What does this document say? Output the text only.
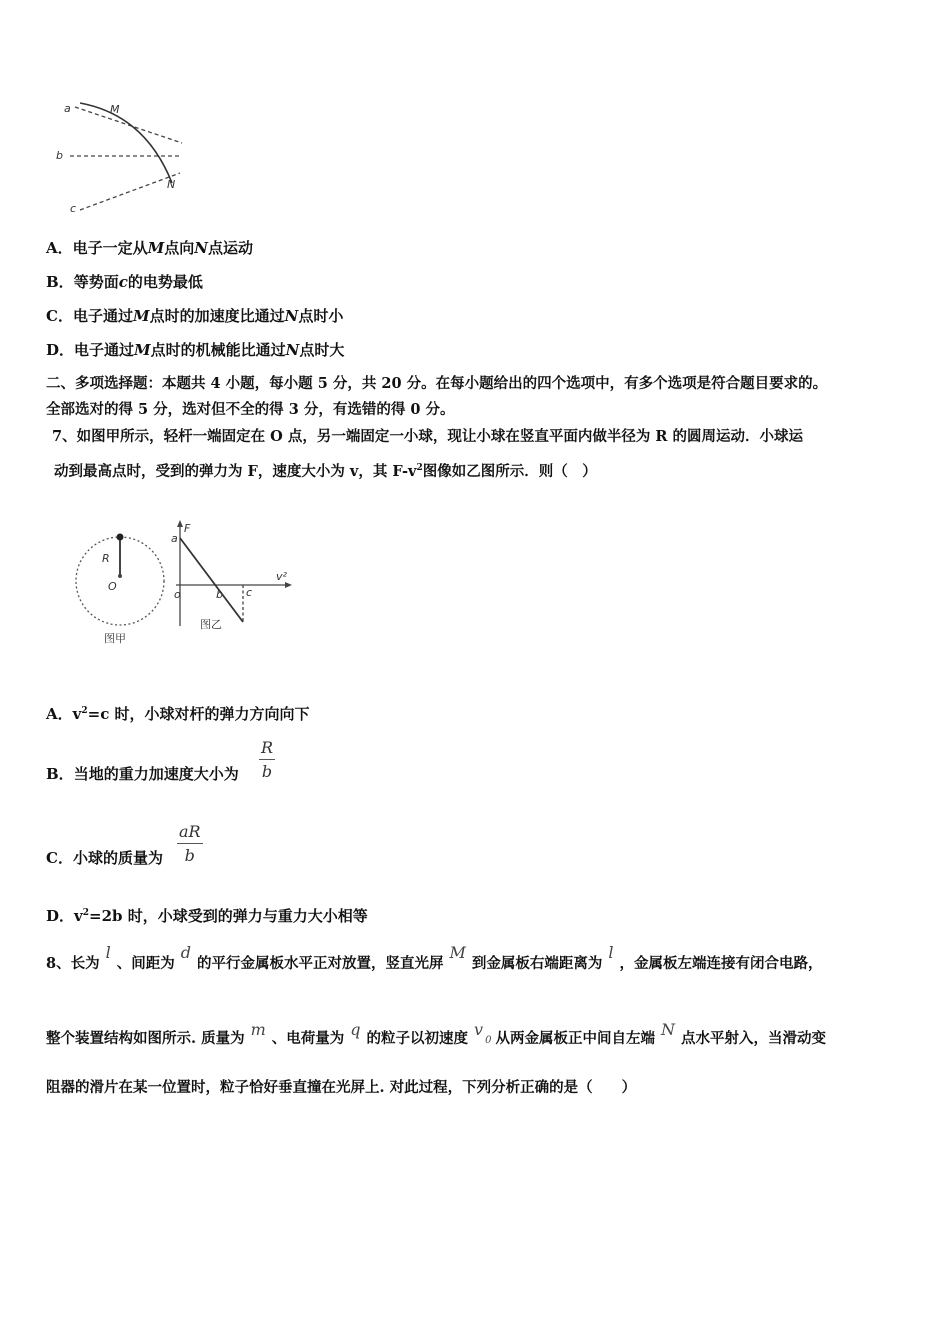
a
b
c
M
N
A．电子一定从M点向N点运动
B．等势面c的电势最低
C．电子通过M点时的加速度比通过N点时小
D．电子通过M点时的机械能比通过N点时大
二、多项选择题：本题共 4 小题，每小题 5 分，共 20 分。在每小题给出的四个选项中，有多个选项是符合题目要求的。
全部选对的得 5 分，选对但不全的得 3 分，有选错的得 0 分。
7、如图甲所示，轻杆一端固定在 O 点，另一端固定一小球，现让小球在竖直平面内做半径为 R 的圆周运动．小球运
动到最高点时，受到的弹力为 F，速度大小为 v，其 $F-v^2$图像如乙图所示．则（　）
R
O
图甲
F
a
v²
o	b c
图乙
A．$v^2=c$ 时，小球对杆的弹力方向向下
B．当地的重力加速度大小为
R
b
C．小球的质量为
aR
b
D．$v^2=2b$ 时，小球受到的弹力与重力大小相等
8、长为l、间距为d的平行金属板水平正对放置，竖直光屏M到金属板右端距离为l，金属板左端连接有闭合电路，
整个装置结构如图所示. 质量为 m 、电荷量为 q 的粒子以初速度 $v_0$ 从两金属板正中间自左端 N 点水平射入，当滑动变
阻器的滑片在某一位置时，粒子恰好垂直撞在光屏上. 对此过程，下列分析正确的是（　　）
